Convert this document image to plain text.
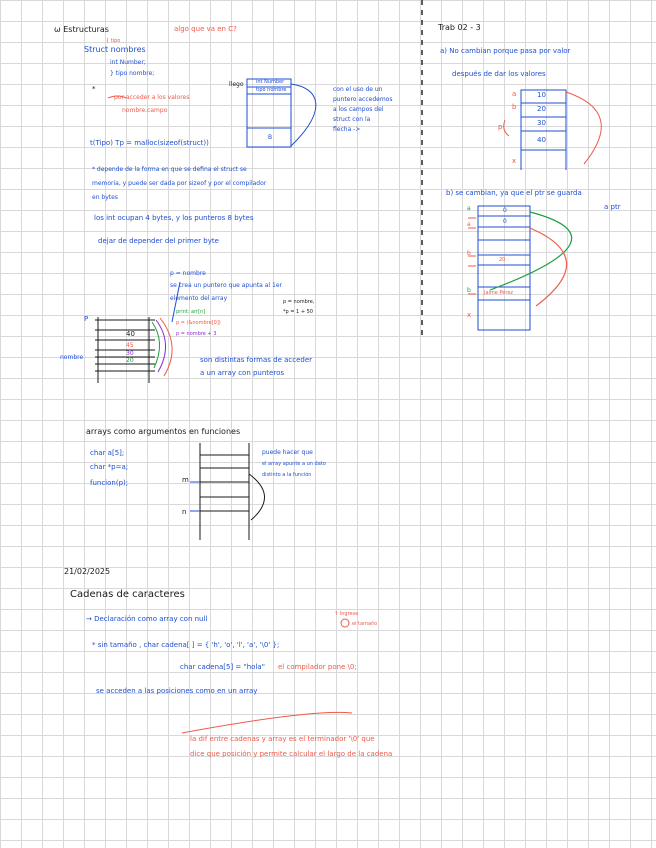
ω Estructuras	algo que va en C?
{ tipo
Struct nombres
int Number;
} tipo nombre;
*
por acceder a los valores
nombre.campo
llego int Number
tipo nombre
B
con el uso de un
puntero accedemos
a los campos del
struct con la
flecha ->
t(Tipo) Tp = malloc(sizeof(struct))
* depende de la forma en que se defina el struct se
memoria, y puede ser dada por sizeof y por el compilador
en bytes
los int ocupan 4 bytes, y los punteros 8 bytes
dejar de depender del primer byte
p = nombre
se crea un puntero que apunta al 1er
elemento del array	p = nombre,
*p = 1 + 50
print: arr[n]
p = (&nombre[0])
p = nombre + 3
P
nombre
40
45
30
20	son distintas formas de acceder
a un array con punteros
arrays como argumentos en funciones
char a[5];
char *p=a;
funcion(p);	m
n
puede hacer que
el array apunte a un dato
distinto a la función
21/02/2025
Cadenas de caracteres
→ Declaración como array con null
↑ Ingrese
el tamaño
* sin tamaño , char cadena[ ] = { 'h', 'o', 'l', 'a', '\0' };
char cadena[5] = "hola" el compilador pone \0;
se acceden a las posiciones como en un array
la dif entre cadenas y array es el terminador '\0' que
dice que posición y permite calcular el largo de la cadena
Trab 02 - 3
a) No cambian porque pasa por valor
después de dar los valores
a
b
p
x
10
20
30
40
b) se cambian, ya que el ptr se guarda
a ptr
a
a
b
b
x
0
0
20
Jaime Pérez
